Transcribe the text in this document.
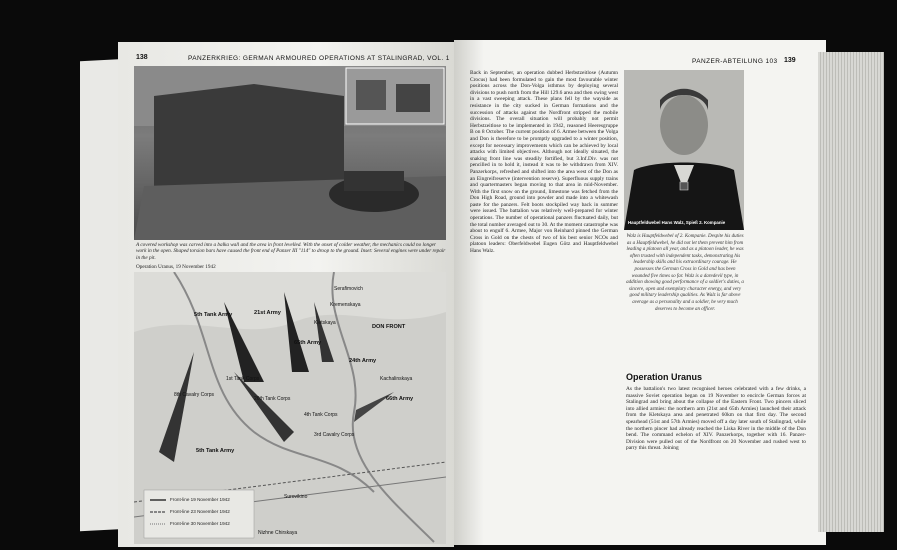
138	PANZERKRIEG: GERMAN ARMOURED OPERATIONS AT STALINGRAD, VOL. 1
A covered workshop was carved into a balka wall and the area in front levelled. With the onset of colder weather, the mechanics could no longer work in the open. Shaped torsion bars have caused the front end of Panzer III "114" to droop to the ground. Inset: Several engines were under repair in the pit.
Operation Uranus, 19 November 1942
5th Tank Army	21st Army
65th Army
DON FRONT
24th Army
66th Army
1st Tank Corps
26th Tank Corps
8th Cavalry Corps
4th Tank Corps
3rd Cavalry Corps
Kremenskaya
Kachalinskaya
Serafimovich
Kletskaya
5th Tank Army
Nizhne Chirskaya
Surovikino
Front-line 19 November 1942
Front-line 23 November 1942
Front-line 30 November 1942
PANZER-ABTEILUNG 103 139
Back in September, an operation dubbed Herbstzeitlose (Autumn Crocus) had been formulated to gain the most favourable winter positions across the Don-Volga isthmus by deploying several divisions to push north from the Hill 129.6 area and then swing west in a vast sweeping attack. These plans fell by the wayside as resistance in the city sucked in German formations and the succession of attacks against the Nordfront stripped the mobile divisions. The overall situation will probably not permit Herbstzeitlose to be implemented in 1942, reasoned Heeresgruppe B on 8 October. The current position of 6. Armee between the Volga and Don is therefore to be promptly upgraded to a winter position, except for necessary improvements which can be achieved by local attacks with limited objectives. Although not ideally situated, the snaking front line was steadily fortified, but 3.Inf.Div. was not pencilled in to hold it, instead it was to be withdrawn from XIV. Panzerkorps, refreshed and shifted into the area west of the Don as an Eingreifreserve (intervention reserve). Superfluous supply trains and quartermasters began moving to that area in mid-November. With the first snow on the ground, limestone was fetched from the Don High Road, ground into powder and made into a whitewash paste for the panzers. Felt boots stockpiled way back in summer were issued. The battalion was relatively well-prepared for winter operations. The number of operational panzers fluctuated daily, but the total number averaged out to 30. At the moment catastrophe was about to engulf 6. Armee, Major von Reinhard pinned the German Cross in Gold on the chests of two of his best senior NCOs and platoon leaders: Oberfeldwebel Eugen Götz and Hauptfeldwebel Hans Walz.
Hauptfeldwebel Hans Walz, Spieß 2. Kompanie
Walz is Hauptfeldwebel of 2. Kompanie. Despite his duties as a Hauptfeldwebel, he did not let them prevent him from leading a platoon all year, and as a platoon leader, he was often trusted with independent tasks, demonstrating his leadership skills and his extraordinary courage. He possesses the German Cross in Gold and has been wounded five times so far. Walz is a daredevil type, in addition showing good performance of a soldier's duties, a sincere, open and exemplary character energy, and very good military leadership qualities. As Walz is far above average as a personality and a soldier, he very much deserves to become an officer.
Operation Uranus
As the battalion's two latest recognised heroes celebrated with a few drinks, a massive Soviet operation began on 19 November to encircle German forces at Stalingrad and bring about the collapse of the Eastern Front. Two pincers sliced into allied armies: the northern arm (21st and 65th Armies) launched their attack from the Kletskaya area and penetrated 60km on that first day. The second spearhead (51st and 57th Armies) moved off a day later south of Stalingrad, while the northern pincer had already reached the Liska River in the middle of the Don bend. The command echelon of XIV. Panzerkorps, together with 16. Panzer-Division were pulled out of the Nordfront on 20 November and rushed west to parry this threat. Joining
